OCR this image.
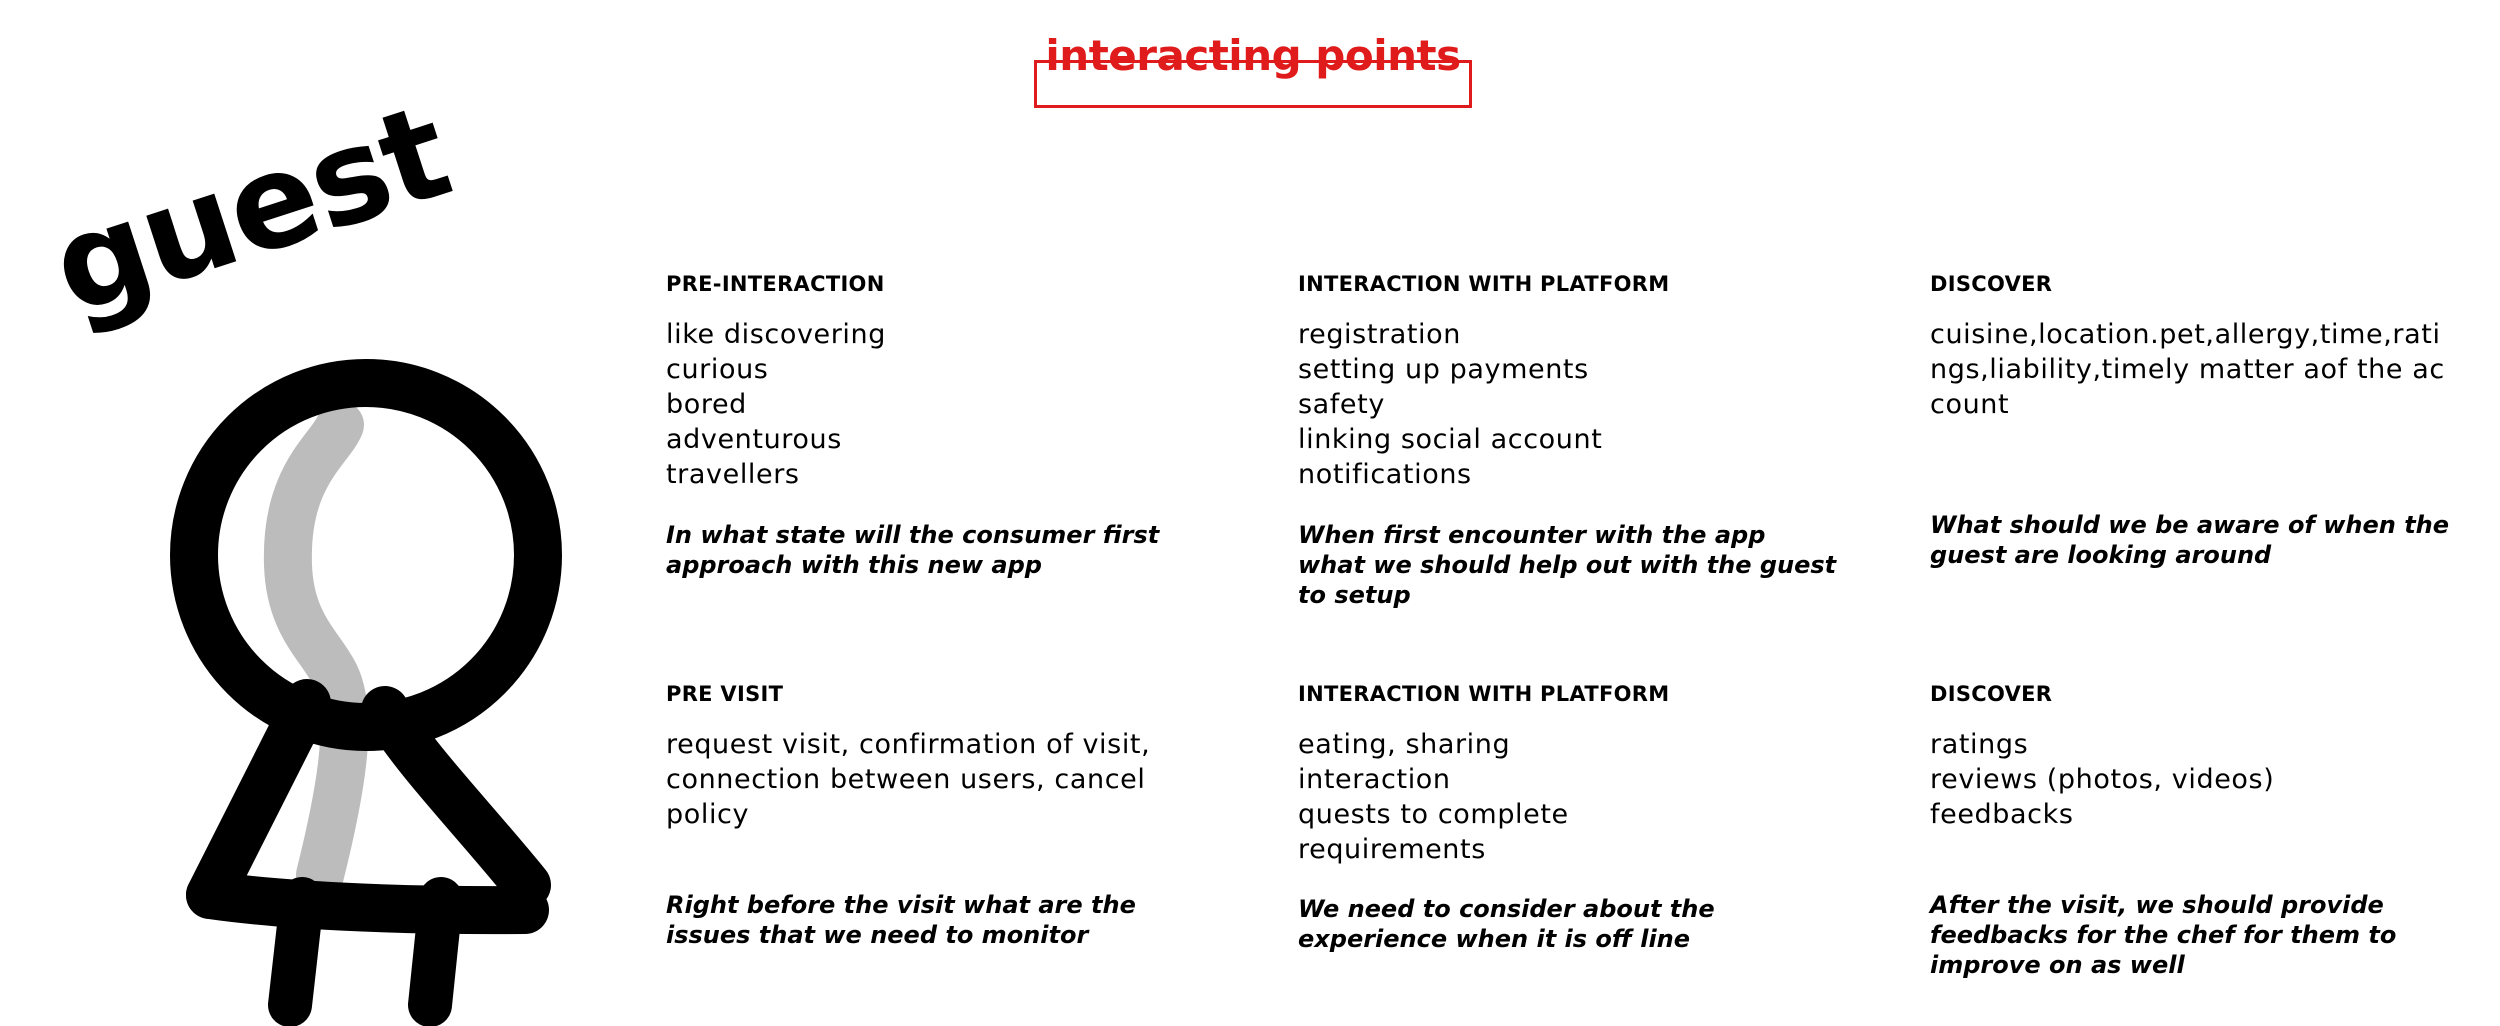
interacting points
guest	PRE-INTERACTION
like discovering
curious
bored
adventurous
travellers
In what state will the consumer first approach with this new app
INTERACTION WITH PLATFORM
registration
setting up payments
safety
linking social account
notifications
When first encounter with the app what we should help out with the guest to setup
DISCOVER
cuisine,location.pet,allergy,time,ratings,liability,timely matter aof the account
What should we be aware of when the guest are looking around
PRE VISIT
request visit, confirmation of visit,
connection between users, cancel
policy
Right before the visit what are the issues that we need to monitor
INTERACTION WITH PLATFORM
eating, sharing
interaction
quests to complete
requirements
We need to consider about the experience when it is off line
DISCOVER
ratings
reviews (photos, videos)
feedbacks
After the visit, we should provide feedbacks for the chef for them to improve on as well
